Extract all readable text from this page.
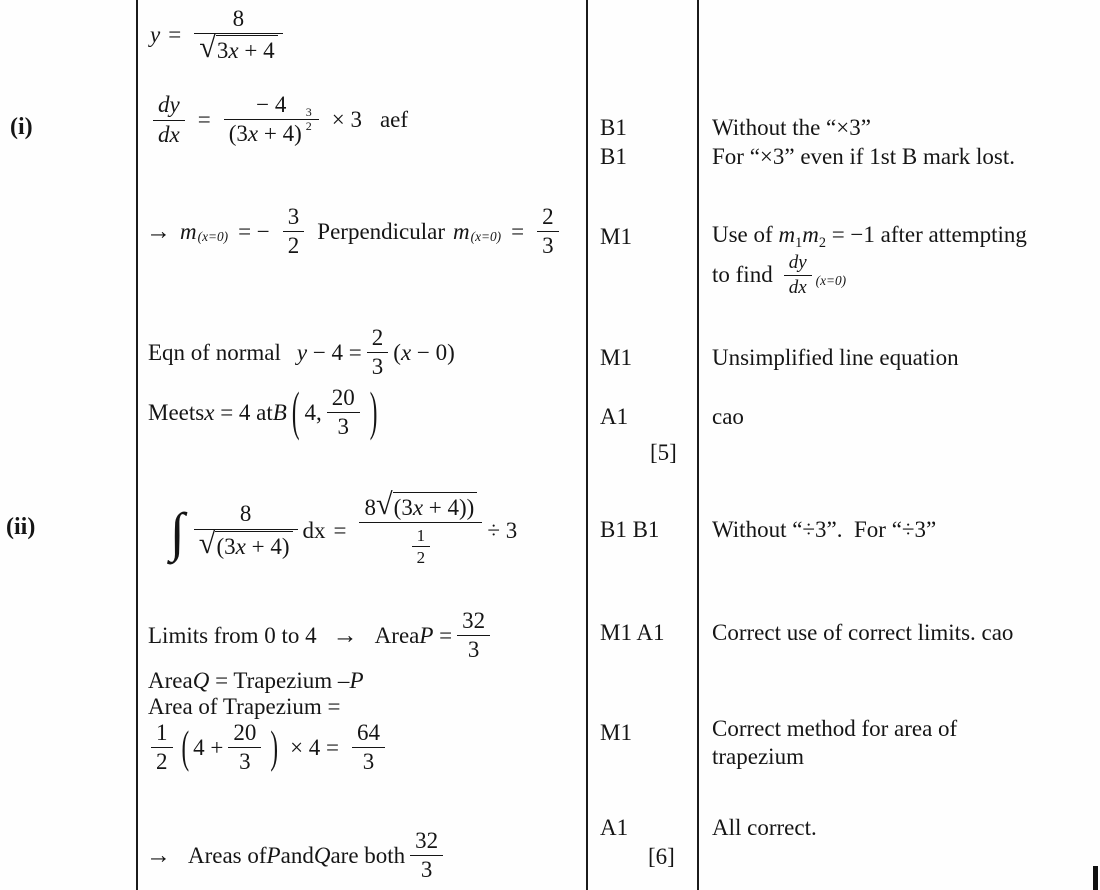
(i)
(ii)
$y = \frac{8}{√ 3x + 4}$
$\frac{dy}{dx}$ = − 4
(3 x + 4)
$\frac{3}{2} \times 3$ aef
→ m (x=0) = − $\frac{3}{2}$ Perpendicular m $(x=0) = \frac{2}{3}$
Eqn of normal $y - 4 = \frac{2}{3}$ ( x − 0)
Meets x = 4 at B ( 4, $\frac{20}{3}$ )
∫ $\frac{8}{√ (3x + 4)}$ dx = $\frac{8 √ (3x + 4))}{\frac{1}{2}} \div 3$
Limits from 0 to 4 → Area $P = \frac{32}{3}$
Area Q = Trapezium – P
Area of Trapezium =
$\frac{1}{2}$ ( $4 + \frac{20}{3}$ ) × $4 = \frac{64}{3}$
→ Areas of P and Q are both $\frac{32}{3}$
B1
B1
M1
M1
A1
[5]
B1 B1
M1 A1
M1
A1
[6]
Without the “×3”
For “×3” even if 1st B mark lost.
Use of m1m2 = −1 after attempting
to find $\frac{dy}{dx} (x=0)$
Unsimplified line equation
cao
Without “÷3”.  For “÷3”
Correct use of correct limits. cao
Correct method for area of
trapezium
All correct.
